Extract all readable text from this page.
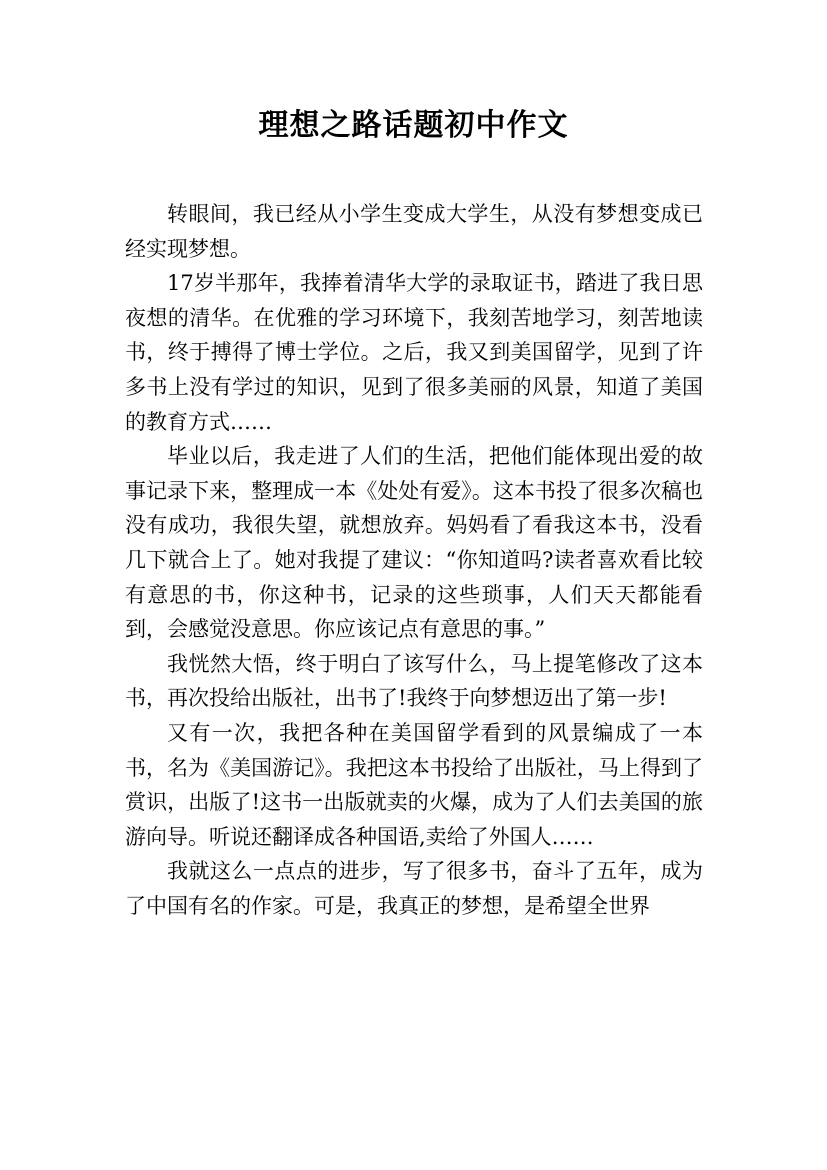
理想之路话题初中作文

转眼间，我已经从小学生变成大学生，从没有梦想变成已经实现梦想。

17岁半那年，我捧着清华大学的录取证书，踏进了我日思夜想的清华。在优雅的学习环境下，我刻苦地学习，刻苦地读书，终于搏得了博士学位。之后，我又到美国留学，见到了许多书上没有学过的知识，见到了很多美丽的风景，知道了美国的教育方式……

毕业以后，我走进了人们的生活，把他们能体现出爱的故事记录下来，整理成一本《处处有爱》。这本书投了很多次稿也没有成功，我很失望，就想放弃。妈妈看了看我这本书，没看几下就合上了。她对我提了建议：“你知道吗?读者喜欢看比较有意思的书，你这种书，记录的这些琐事，人们天天都能看到，会感觉没意思。你应该记点有意思的事。”

我恍然大悟，终于明白了该写什么，马上提笔修改了这本书，再次投给出版社，出书了!我终于向梦想迈出了第一步!

又有一次，我把各种在美国留学看到的风景编成了一本书，名为《美国游记》。我把这本书投给了出版社，马上得到了赏识，出版了!这书一出版就卖的火爆，成为了人们去美国的旅游向导。听说还翻译成各种国语,卖给了外国人……

我就这么一点点的进步，写了很多书，奋斗了五年，成为了中国有名的作家。可是，我真正的梦想，是希望全世界
